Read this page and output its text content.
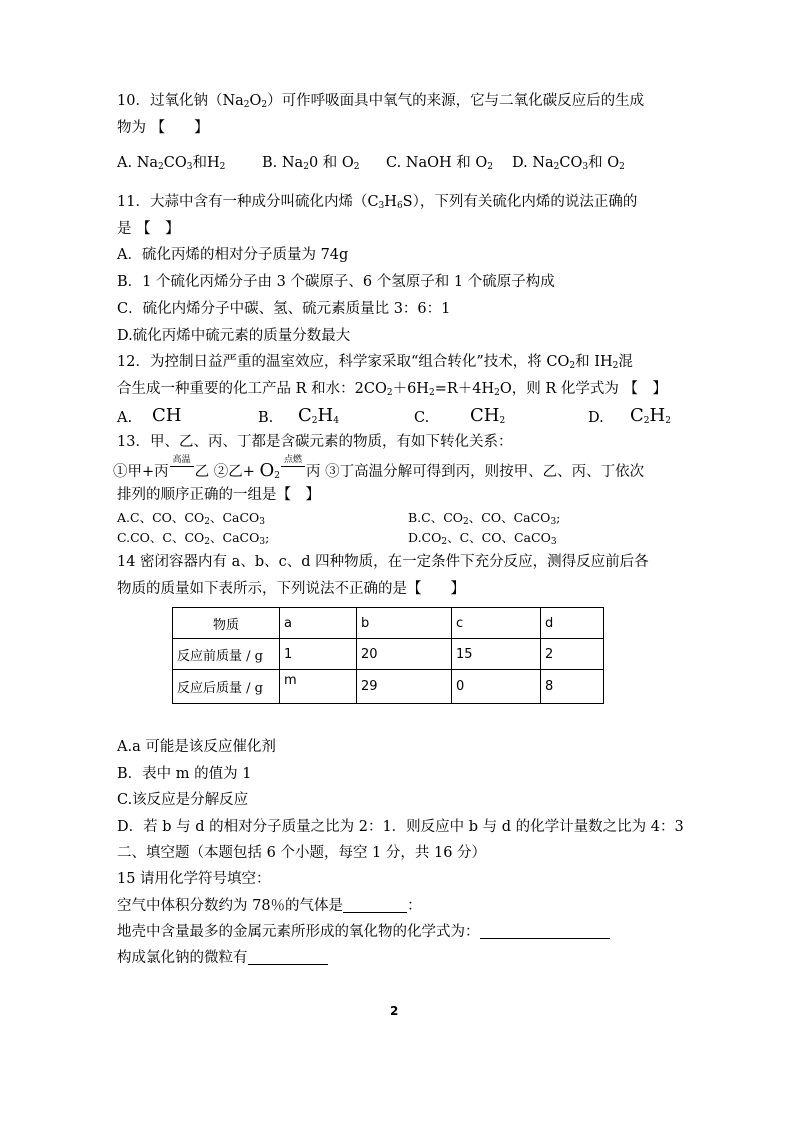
10．过氧化钠$(Na_2O_2)$可作呼吸面具中氧气的来源，它与二氧化碳反应后的生成
物为 【　　】
A. $Na_2CO_3$和$H_2$	B. $Na_20$ 和 $O_2$ C. NaOH 和 $O_2$ D. $Na_2CO_3$和 $O_2$
11．大蒜中含有一种成分叫硫化内烯$(C_3H_6S)$，下列有关硫化内烯的说法正确的
是 【　】
A．硫化丙烯的相对分子质量为 74g
B．1 个硫化丙烯分子由 3 个碳原子、6 个氢原子和 1 个硫原子构成
C．硫化内烯分子中碳、氢、硫元素质量比 3：6：1
D.硫化丙烯中硫元素的质量分数最大
12．为控制日益严重的温室效应，科学家采取“组合转化”技术，将 $CO_2$和 $IH_2$混
合生成一种重要的化工产品 R 和水：$2CO_2+6H_2=R+4H_2O$，则 R 化学式为 【　】
A. CH	B. $C_2H_4$	C. $CH_2$	D. $C_2H_2$
13．甲、乙、丙、丁都是含碳元素的物质，有如下转化关系：
①甲+丙
高温
乙 ②乙+ $O_2$
点燃
丙 ③丁高温分解可得到丙，则按甲、乙、丙、丁依次
排列的顺序正确的一组是【　】
A.C、CO、$CO_2$、CaCO$_3$	B.C、$CO_2$、CO、CaCO$_3$;
C.CO、C、$CO_2$、CaCO$_3$;	$D.CO_2$、C、CO、CaCO$_3$
14 密闭容器内有 a、b、c、d 四种物质，在一定条件下充分反应，测得反应前后各
物质的质量如下表所示，下列说法不正确的是【　　】
物质	a	b	c	d
反应前质量 / g	1	20	15	2
反应后质量 / g	m	29	0	8
A.a 可能是该反应催化剂
B．表中 m 的值为 1
C.该反应是分解反应
D．若 b 与 d 的相对分子质量之比为 2：1．则反应中 b 与 d 的化学计量数之比为 4：3
二、填空题（本题包括 6 个小题，每空 1 分，共 16 分）
15 请用化学符号填空：
空气中体积分数约为 78％的气体是	：
地壳中含量最多的金属元素所形成的氧化物的化学式为：
构成氯化钠的微粒有
2
